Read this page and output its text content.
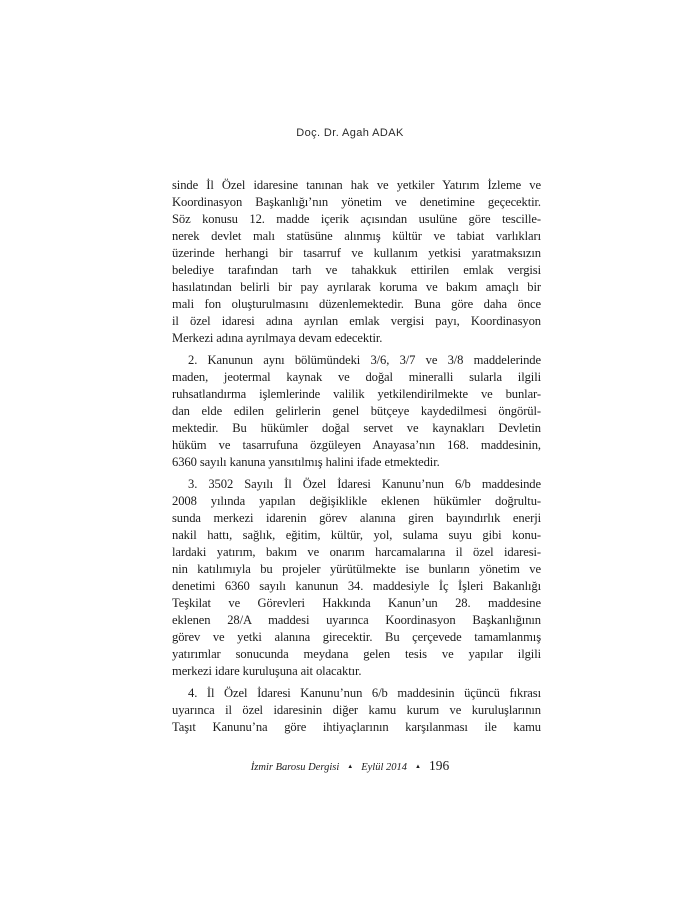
Doç. Dr. Agah ADAK
sinde İl Özel idaresine tanınan hak ve yetkiler Yatırım İzleme ve
Koordinasyon Başkanlığı’nın yönetim ve denetimine geçecektir.
Söz konusu 12. madde içerik açısından usulüne göre tescille-
nerek devlet malı statüsüne alınmış kültür ve tabiat varlıkları
üzerinde herhangi bir tasarruf ve kullanım yetkisi yaratmaksızın
belediye tarafından tarh ve tahakkuk ettirilen emlak vergisi
hasılatından belirli bir pay ayrılarak koruma ve bakım amaçlı bir
mali fon oluşturulmasını düzenlemektedir. Buna göre daha önce
il özel idaresi adına ayrılan emlak vergisi payı, Koordinasyon
Merkezi adına ayrılmaya devam edecektir.
2. Kanunun aynı bölümündeki 3/6, 3/7 ve 3/8 maddelerinde
maden, jeotermal kaynak ve doğal mineralli sularla ilgili
ruhsatlandırma işlemlerinde valilik yetkilendirilmekte ve bunlar-
dan elde edilen gelirlerin genel bütçeye kaydedilmesi öngörül-
mektedir. Bu hükümler doğal servet ve kaynakları Devletin
hüküm ve tasarrufuna özgüleyen Anayasa’nın 168. maddesinin,
6360 sayılı kanuna yansıtılmış halini ifade etmektedir.
3. 3502 Sayılı İl Özel İdaresi Kanunu’nun 6/b maddesinde
2008 yılında yapılan değişiklikle eklenen hükümler doğrultu-
sunda merkezi idarenin görev alanına giren bayındırlık enerji
nakil hattı, sağlık, eğitim, kültür, yol, sulama suyu gibi konu-
lardaki yatırım, bakım ve onarım harcamalarına il özel idaresi-
nin katılımıyla bu projeler yürütülmekte ise bunların yönetim ve
denetimi 6360 sayılı kanunun 34. maddesiyle İç İşleri Bakanlığı
Teşkilat ve Görevleri Hakkında Kanun’un 28. maddesine
eklenen 28/A maddesi uyarınca Koordinasyon Başkanlığının
görev ve yetki alanına girecektir. Bu çerçevede tamamlanmış
yatırımlar sonucunda meydana gelen tesis ve yapılar ilgili
merkezi idare kuruluşuna ait olacaktır.
4. İl Özel İdaresi Kanunu’nun 6/b maddesinin üçüncü fıkrası
uyarınca il özel idaresinin diğer kamu kurum ve kuruluşlarının
Taşıt Kanunu’na göre ihtiyaçlarının karşılanması ile kamu
İzmir Barosu Dergisi ▲ Eylül 2014 ▲ 196
